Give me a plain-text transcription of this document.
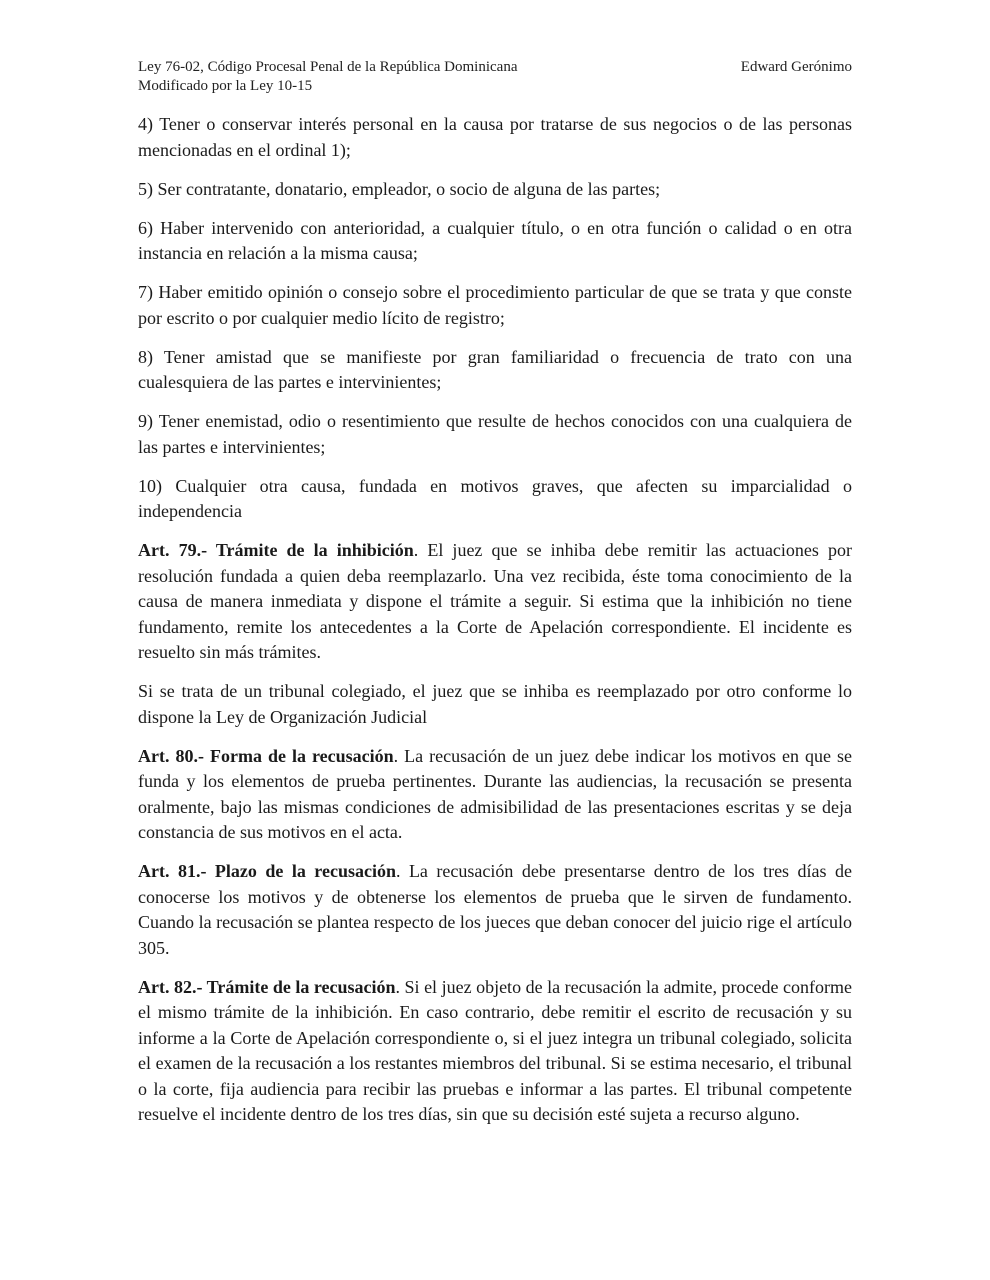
Ley 76-02, Código Procesal Penal de la República Dominicana	Edward Gerónimo
Modificado por la Ley 10-15

4) Tener o conservar interés personal en la causa por tratarse de sus negocios o de las personas mencionadas en el ordinal 1);

5) Ser contratante, donatario, empleador, o socio de alguna de las partes;

6) Haber intervenido con anterioridad, a cualquier título, o en otra función o calidad o en otra instancia en relación a la misma causa;

7) Haber emitido opinión o consejo sobre el procedimiento particular de que se trata y que conste por escrito o por cualquier medio lícito de registro;

8) Tener amistad que se manifieste por gran familiaridad o frecuencia de trato con una cualesquiera de las partes e intervinientes;

9) Tener enemistad, odio o resentimiento que resulte de hechos conocidos con una cualquiera de las partes e intervinientes;

10) Cualquier otra causa, fundada en motivos graves, que afecten su imparcialidad o independencia

Art. 79.- Trámite de la inhibición. El juez que se inhiba debe remitir las actuaciones por resolución fundada a quien deba reemplazarlo. Una vez recibida, éste toma conocimiento de la causa de manera inmediata y dispone el trámite a seguir. Si estima que la inhibición no tiene fundamento, remite los antecedentes a la Corte de Apelación correspondiente. El incidente es resuelto sin más trámites.

Si se trata de un tribunal colegiado, el juez que se inhiba es reemplazado por otro conforme lo dispone la Ley de Organización Judicial

Art. 80.- Forma de la recusación. La recusación de un juez debe indicar los motivos en que se funda y los elementos de prueba pertinentes. Durante las audiencias, la recusación se presenta oralmente, bajo las mismas condiciones de admisibilidad de las presentaciones escritas y se deja constancia de sus motivos en el acta.

Art. 81.- Plazo de la recusación. La recusación debe presentarse dentro de los tres días de conocerse los motivos y de obtenerse los elementos de prueba que le sirven de fundamento. Cuando la recusación se plantea respecto de los jueces que deban conocer del juicio rige el artículo 305.

Art. 82.- Trámite de la recusación. Si el juez objeto de la recusación la admite, procede conforme el mismo trámite de la inhibición. En caso contrario, debe remitir el escrito de recusación y su informe a la Corte de Apelación correspondiente o, si el juez integra un tribunal colegiado, solicita el examen de la recusación a los restantes miembros del tribunal. Si se estima necesario, el tribunal o la corte, fija audiencia para recibir las pruebas e informar a las partes. El tribunal competente resuelve el incidente dentro de los tres días, sin que su decisión esté sujeta a recurso alguno.
